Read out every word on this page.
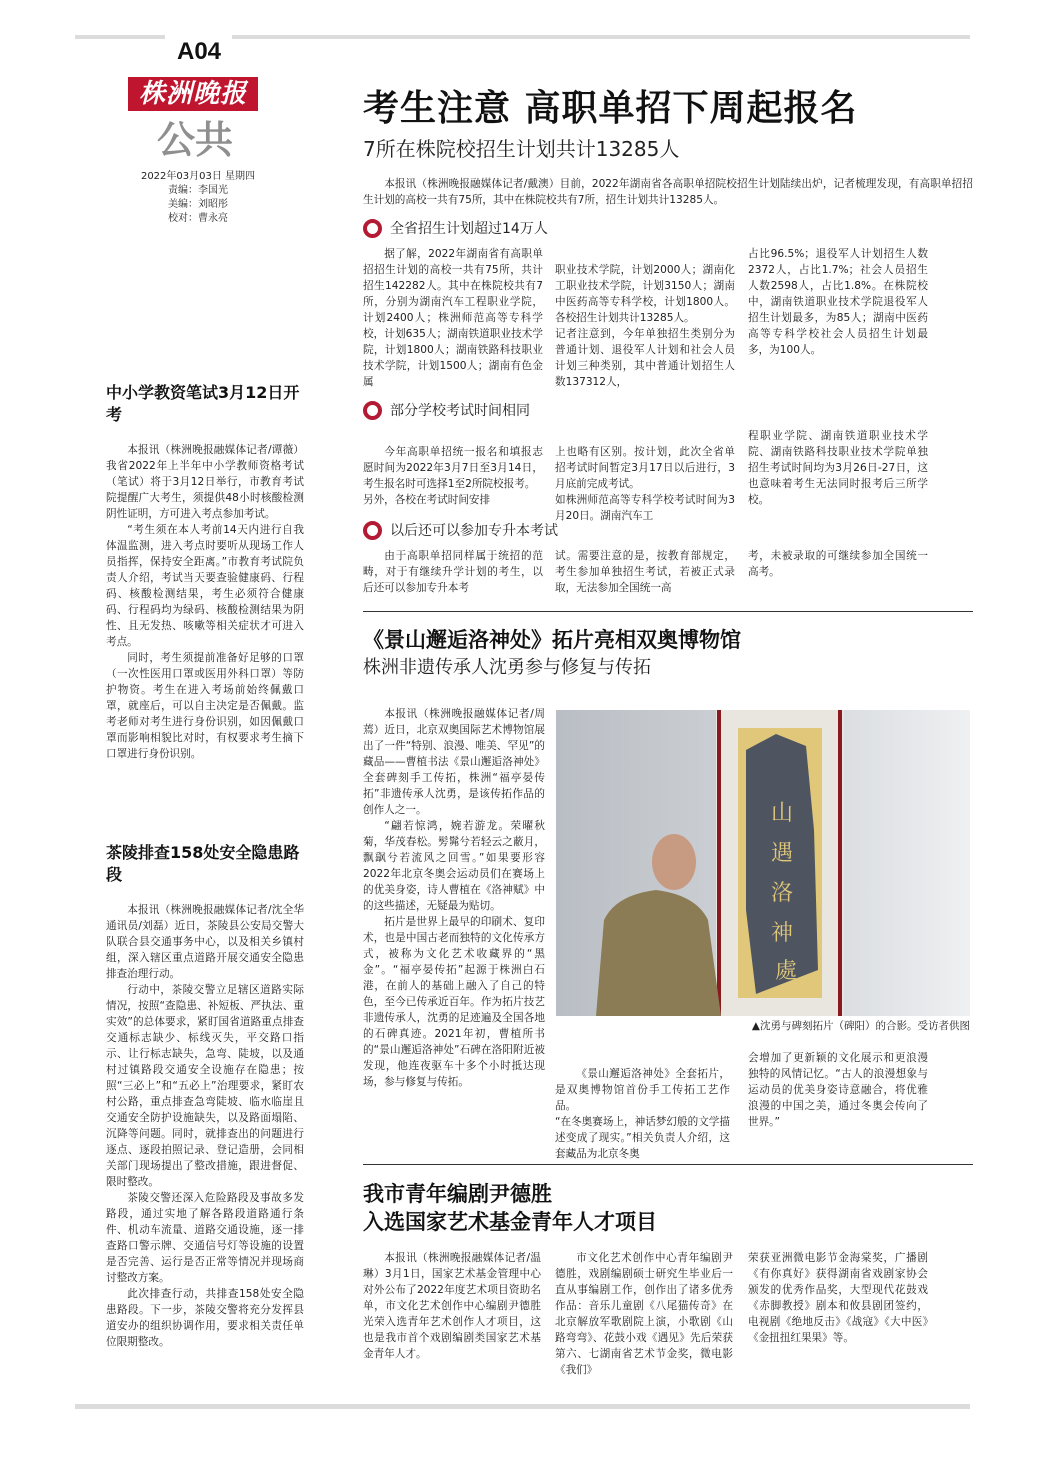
A04
株洲晚报
公共
2022年03月03日 星期四
责编：李国光
美编：刘昭彤
校对：曹永亮
中小学教资笔试3月12日开考

本报讯（株洲晚报融媒体记者/谭薇）我省2022年上半年中小学教师资格考试（笔试）将于3月12日举行，市教育考试院提醒广大考生，须提供48小时核酸检测阴性证明，方可进入考点参加考试。

“考生须在本人考前14天内进行自我体温监测，进入考点时要听从现场工作人员指挥，保持安全距离。”市教育考试院负责人介绍，考试当天要查验健康码、行程码、核酸检测结果，考生必须符合健康码、行程码均为绿码、核酸检测结果为阴性、且无发热、咳嗽等相关症状才可进入考点。

同时，考生须提前准备好足够的口罩（一次性医用口罩或医用外科口罩）等防护物资。考生在进入考场前始终佩戴口罩，就座后，可以自主决定是否佩戴。监考老师对考生进行身份识别，如因佩戴口罩而影响相貌比对时，有权要求考生摘下口罩进行身份识别。

茶陵排查158处安全隐患路段

本报讯（株洲晚报融媒体记者/沈全华 通讯员/刘磊）近日，茶陵县公安局交警大队联合县交通事务中心，以及相关乡镇村组，深入辖区重点道路开展交通安全隐患排查治理行动。

行动中，茶陵交警立足辖区道路实际情况，按照“查隐患、补短板、严执法、重实效”的总体要求，紧盯国省道路重点排查交通标志缺少、标线灭失，平交路口指示、让行标志缺失，急弯、陡坡，以及通村过镇路段交通安全设施存在隐患；按照“三必上”和“五必上”治理要求，紧盯农村公路，重点排查急弯陡坡、临水临崖且交通安全防护设施缺失，以及路面塌陷、沉降等问题。同时，就排查出的问题进行逐点、逐段拍照记录、登记造册，会同相关部门现场提出了整改措施，跟进督促、限时整改。

茶陵交警还深入危险路段及事故多发路段，通过实地了解各路段道路通行条件、机动车流量、道路交通设施，逐一排查路口警示牌、交通信号灯等设施的设置是否完善、运行是否正常等情况并现场商讨整改方案。

此次排查行动，共排查158处安全隐患路段。下一步，茶陵交警将充分发挥县道安办的组织协调作用，要求相关责任单位限期整改。

考生注意 高职单招下周起报名
7所在株院校招生计划共计13285人

本报讯（株洲晚报融媒体记者/戴澳）目前，2022年湖南省各高职单招院校招生计划陆续出炉，记者梳理发现，有高职单招招生计划的高校一共有75所，其中在株院校共有7所，招生计划共计13285人。

全省招生计划超过14万人

据了解，2022年湖南省有高职单招招生计划的高校一共有75所，共计招生142282人。其中在株院校共有7所，分别为湖南汽车工程职业学院，计划2400人；株洲师范高等专科学校，计划635人；湖南铁道职业技术学院，计划1800人；湖南铁路科技职业技术学院，计划1500人；湖南有色金属

职业技术学院，计划2000人；湖南化工职业技术学院，计划3150人；湖南中医药高等专科学校，计划1800人。各校招生计划共计13285人。
记者注意到，今年单独招生类别分为普通计划、退役军人计划和社会人员计划三种类别，其中普通计划招生人数137312人，

占比96.5%；退役军人计划招生人数2372人，占比1.7%；社会人员招生人数2598人，占比1.8%。在株院校中，湖南铁道职业技术学院退役军人招生计划最多，为85人；湖南中医药高等专科学校社会人员招生计划最多，为100人。

部分学校考试时间相同

今年高职单招统一报名和填报志愿时间为2022年3月7日至3月14日，考生报名时可选择1至2所院校报考。
另外，各校在考试时间安排

上也略有区别。按计划，此次全省单招考试时间暂定3月17日以后进行，3月底前完成考试。
如株洲师范高等专科学校考试时间为3月20日。湖南汽车工

程职业学院、湖南铁道职业技术学院、湖南铁路科技职业技术学院单独招生考试时间均为3月26日-27日，这也意味着考生无法同时报考后三所学校。

以后还可以参加专升本考试

由于高职单招同样属于统招的范畴，对于有继续升学计划的考生，以后还可以参加专升本考

试。需要注意的是，按教育部规定，考生参加单独招生考试，若被正式录取，无法参加全国统一高

考，未被录取的可继续参加全国统一高考。

《景山邂逅洛神处》拓片亮相双奥博物馆
株洲非遗传承人沈勇参与修复与传拓

本报讯（株洲晚报融媒体记者/周蔫）近日，北京双奥国际艺术博物馆展出了一件“特别、浪漫、唯美、罕见”的藏品——曹植书法《景山邂逅洛神处》全套碑刻手工传拓，株洲“福亭晏传拓”非遗传承人沈勇，是该传拓作品的创作人之一。

“翩若惊鸿，婉若游龙。荣曜秋菊，华茂春松。髣髴兮若轻云之蔽月，飘飖兮若流风之回雪。”如果要形容2022年北京冬奥会运动员们在赛场上的优美身姿，诗人曹植在《洛神赋》中的这些描述，无疑最为贴切。

拓片是世界上最早的印刷术、复印术，也是中国古老而独特的文化传承方式，被称为文化艺术收藏界的“黑金”。“福亭晏传拓”起源于株洲白石港，在前人的基础上融入了自己的特色，至今已传承近百年。作为拓片技艺非遗传承人，沈勇的足迹遍及全国各地的石碑真迹。2021年初，曹植所书的“景山邂逅洛神处”石碑在洛阳附近被发现，他连夜驱车十多个小时抵达现场，参与修复与传拓。

山
遇
洛
神
處
▲沈勇与碑刻拓片（碑阳）的合影。受访者供图

《景山邂逅洛神处》全套拓片，是双奥博物馆首份手工传拓工艺作品。
“在冬奥赛场上，神话梦幻般的文学描述变成了现实。”相关负责人介绍，这套藏品为北京冬奥

会增加了更新颖的文化展示和更浪漫独特的风情记忆。“古人的浪漫想象与运动员的优美身姿诗意融合，将优雅浪漫的中国之美，通过冬奥会传向了世界。”

我市青年编剧尹德胜
入选国家艺术基金青年人才项目

本报讯（株洲晚报融媒体记者/温琳）3月1日，国家艺术基金管理中心对外公布了2022年度艺术项目资助名单，市文化艺术创作中心编剧尹德胜光荣入选青年艺术创作人才项目，这也是我市首个戏剧编剧类国家艺术基金青年人才。

市文化艺术创作中心青年编剧尹德胜，戏剧编剧硕士研究生毕业后一直从事编剧工作，创作出了诸多优秀作品：音乐儿童剧《八尾猫传奇》在北京解放军歌剧院上演，小歌剧《山路弯弯》、花鼓小戏《遇见》先后荣获第六、七湖南省艺术节金奖，微电影《我们》

荣获亚洲微电影节金海棠奖，广播剧《有你真好》获得湖南省戏剧家协会颁发的优秀作品奖，大型现代花鼓戏《赤脚教授》剧本和攸县剧团签约，电视剧《绝地反击》《战寇》《大中医》《金扭扭红果果》等。
